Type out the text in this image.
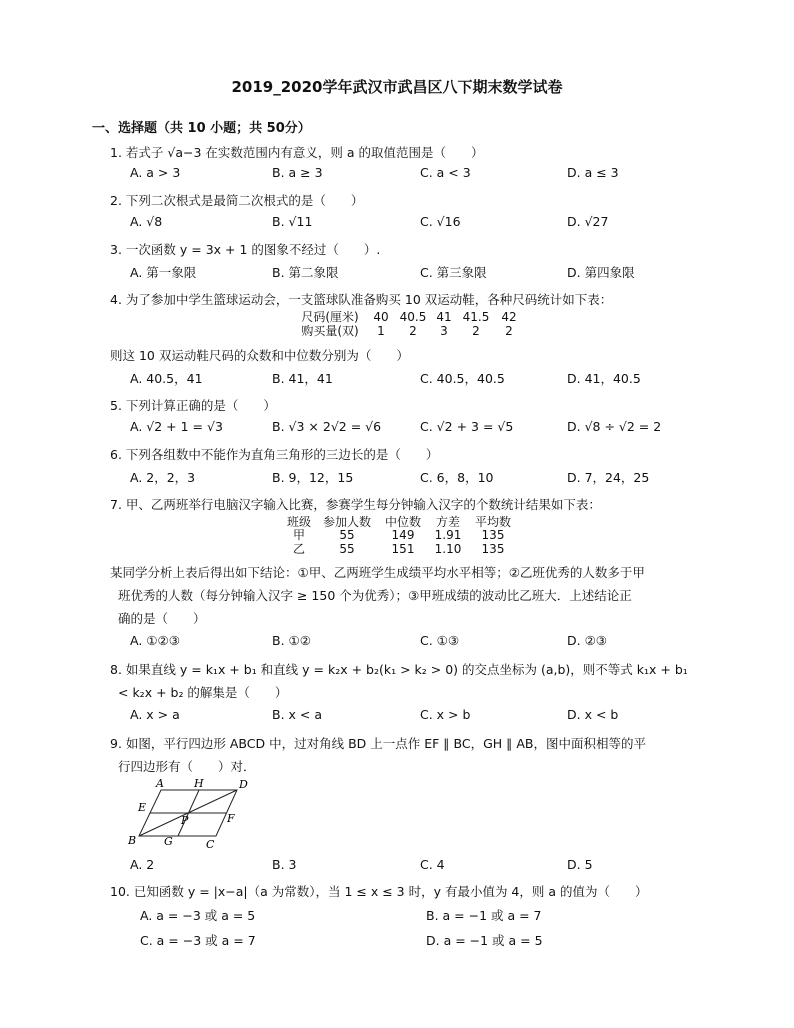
2019_2020学年武汉市武昌区八下期末数学试卷
一、选择题（共 10 小题；共 50分）
1. 若式子 √a−3 在实数范围内有意义，则 a 的取值范围是（　　）
A. a > 3	B. a ≥ 3	C. a < 3	D. a ≤ 3
2. 下列二次根式是最简二次根式的是（　　）
A. √8	B. √11	C. √16	D. √27
3. 一次函数 y = 3x + 1 的图象不经过（　　）.
A. 第一象限	B. 第二象限	C. 第三象限	D. 第四象限
4. 为了参加中学生篮球运动会，一支篮球队准备购买 10 双运动鞋，各种尺码统计如下表：
尺码(厘米) 40 40.5 41 41.5 42
购买量(双) 1 2 3 2 2
则这 10 双运动鞋尺码的众数和中位数分别为（　　）
A. 40.5，41	B. 41，41	C. 40.5，40.5	D. 41，40.5
5. 下列计算正确的是（　　）
A. √2 + 1 = √3	B. √3 × 2√2 = √6	C. √2 + 3 = √5	D. √8 ÷ √2 = 2
6. 下列各组数中不能作为直角三角形的三边长的是（　　）
A. 2，2，3	B. 9，12，15	C. 6，8，10	D. 7，24，25
7. 甲、乙两班举行电脑汉字输入比赛，参赛学生每分钟输入汉字的个数统计结果如下表：
班级 参加人数 中位数 方差 平均数
甲	55	149 1.91 135
乙	55	151 1.10 135
某同学分析上表后得出如下结论：①甲、乙两班学生成绩平均水平相等；②乙班优秀的人数多于甲
班优秀的人数（每分钟输入汉字 ≥ 150 个为优秀）；③甲班成绩的波动比乙班大．上述结论正
确的是（　　）
A. ①②③	B. ①②	C. ①③	D. ②③
8. 如果直线 y = k₁x + b₁ 和直线 y = k₂x + b₂(k₁ > k₂ > 0) 的交点坐标为 (a,b)，则不等式 k₁x + b₁
< k₂x + b₂ 的解集是（　　）
A. x > a	B. x < a	C. x > b	D. x < b
9. 如图，平行四边形 ABCD 中，过对角线 BD 上一点作 EF ∥ BC，GH ∥ AB，图中面积相等的平
行四边形有（　　）对．
A	H	D
E
P	F
B	G	C
A. 2	B. 3	C. 4	D. 5
10. 已知函数 y = |x−a|（a 为常数），当 1 ≤ x ≤ 3 时，y 有最小值为 4，则 a 的值为（　　）
A. a = −3 或 a = 5	B. a = −1 或 a = 7
C. a = −3 或 a = 7	D. a = −1 或 a = 5
